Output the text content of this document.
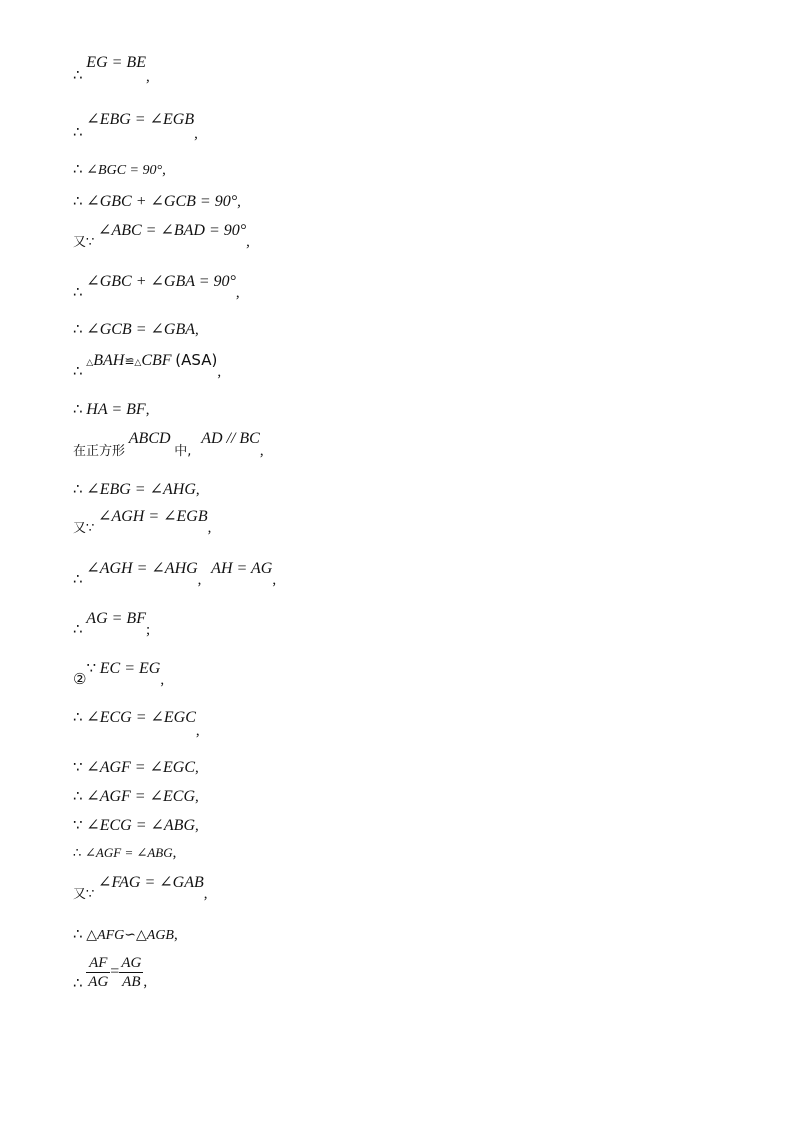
∴ EG = BE,
∴ ∠EBG = ∠EGB,
∴ ∠BGC = 90°,
∴ ∠GBC + ∠GCB = 90°,
又∵ ∠ABC = ∠BAD = 90°,
∴ ∠GBC + ∠GBA = 90°,
∴ ∠GCB = ∠GBA,
∴ △BAH≌△CBF (ASA),
∴ HA = BF,
在正方形 ABCD 中, AD // BC,
∴ ∠EBG = ∠AHG,
又∵ ∠AGH = ∠EGB,
∴ ∠AGH = ∠AHG, AH = AG,
∴ AG = BF;
②∵ EC = EG,
∴ ∠ECG = ∠EGC,
∵ ∠AGF = ∠EGC,
∴ ∠AGF = ∠ECG,
∵ ∠ECG = ∠ABG,
∴ ∠AGF = ∠ABG,
又∵ ∠FAG = ∠GAB,
∴ △AFG∽△AGB,
∴ $\frac{AF}{AG} = \frac{AG}{AB}$ ,
